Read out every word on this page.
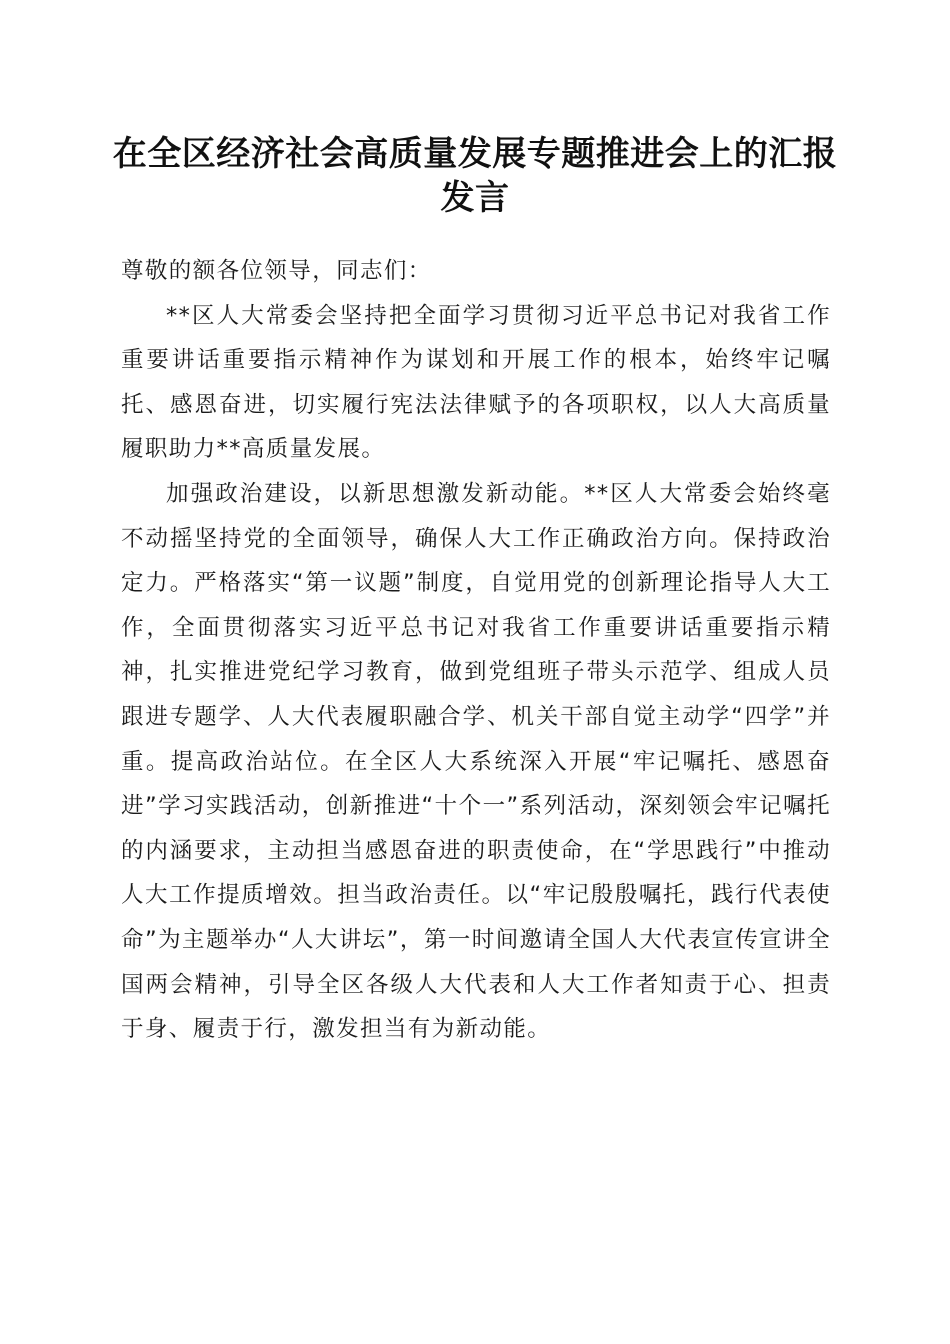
在全区经济社会高质量发展专题推进会上的汇报发言

尊敬的额各位领导，同志们：

**区人大常委会坚持把全面学习贯彻习近平总书记对我省工作重要讲话重要指示精神作为谋划和开展工作的根本，始终牢记嘱托、感恩奋进，切实履行宪法法律赋予的各项职权，以人大高质量履职助力**高质量发展。

加强政治建设，以新思想激发新动能。**区人大常委会始终毫不动摇坚持党的全面领导，确保人大工作正确政治方向。保持政治定力。严格落实“第一议题”制度，自觉用党的创新理论指导人大工作，全面贯彻落实习近平总书记对我省工作重要讲话重要指示精神，扎实推进党纪学习教育，做到党组班子带头示范学、组成人员跟进专题学、人大代表履职融合学、机关干部自觉主动学“四学”并重。提高政治站位。在全区人大系统深入开展“牢记嘱托、感恩奋进”学习实践活动，创新推进“十个一”系列活动，深刻领会牢记嘱托的内涵要求，主动担当感恩奋进的职责使命，在“学思践行”中推动人大工作提质增效。担当政治责任。以“牢记殷殷嘱托，践行代表使命”为主题举办“人大讲坛”，第一时间邀请全国人大代表宣传宣讲全国两会精神，引导全区各级人大代表和人大工作者知责于心、担责于身、履责于行，激发担当有为新动能。
